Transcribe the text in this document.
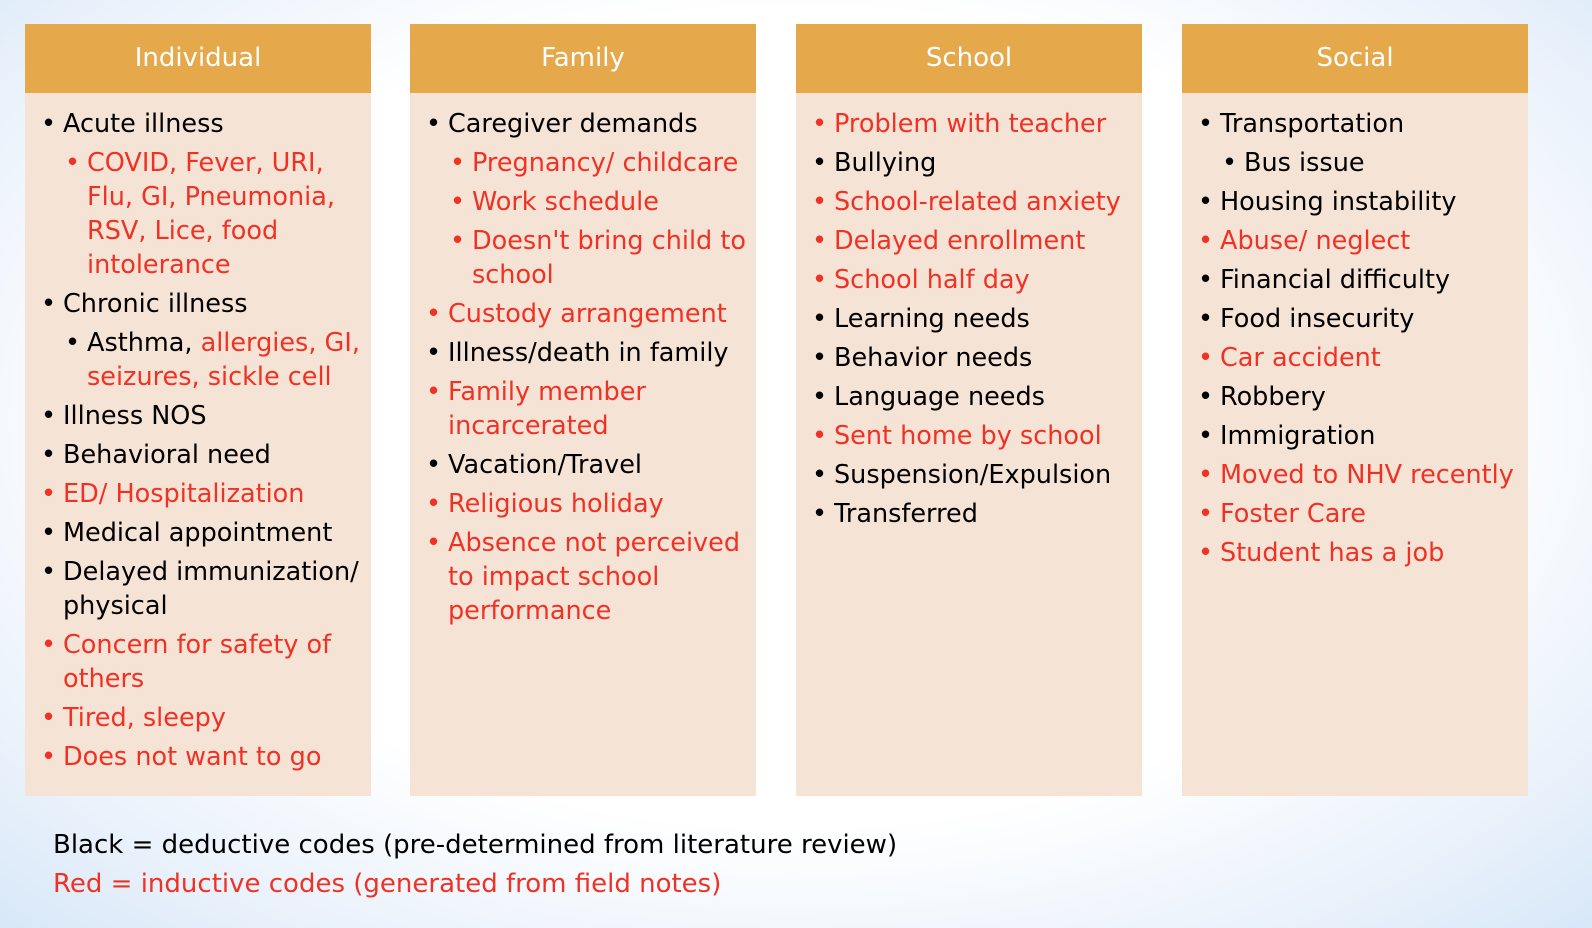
Individual
• Acute illness
• COVID, Fever, URI, Flu, GI, Pneumonia, RSV, Lice, food intolerance
• Chronic illness
• Asthma, allergies, GI, seizures, sickle cell
• Illness NOS
• Behavioral need
• ED/ Hospitalization
• Medical appointment
• Delayed immunization/ physical
• Concern for safety of others
• Tired, sleepy
• Does not want to go
Family
• Caregiver demands
• Pregnancy/ childcare
• Work schedule
• Doesn't bring child to school
• Custody arrangement
• Illness/death in family
• Family member incarcerated
• Vacation/Travel
• Religious holiday
• Absence not perceived to impact school performance
School
• Problem with teacher
• Bullying
• School-related anxiety
• Delayed enrollment
• School half day
• Learning needs
• Behavior needs
• Language needs
• Sent home by school
• Suspension/Expulsion
• Transferred
Social
• Transportation
• Bus issue
• Housing instability
• Abuse/ neglect
• Financial difficulty
• Food insecurity
• Car accident
• Robbery
• Immigration
• Moved to NHV recently
• Foster Care
• Student has a job
Black = deductive codes (pre-determined from literature review)
Red = inductive codes (generated from field notes)
